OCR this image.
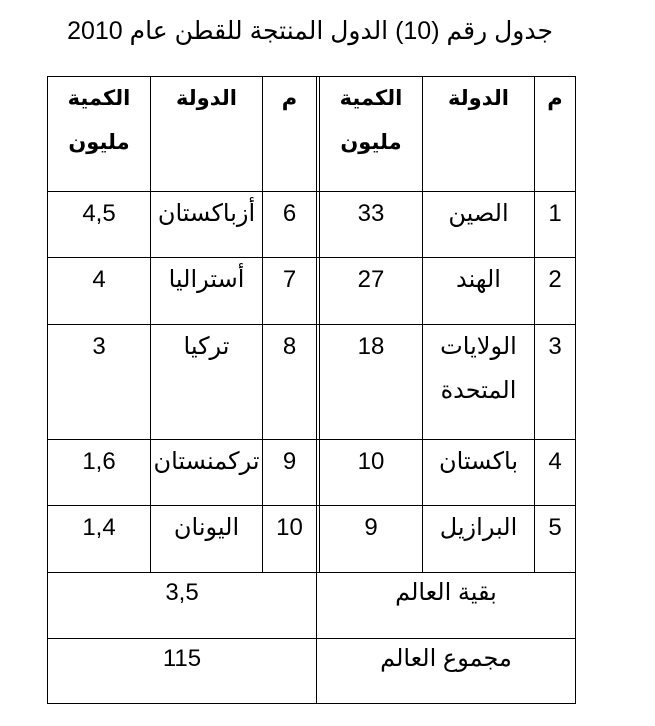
جدول رقم (10) الدول المنتجة للقطن عام 2010
م
الدولة
الكمية
مليون
م
الدولة
الكمية
مليون
1
الصين
33
2
الهند
27
3
الولايات
المتحدة
18
4
باكستان
10
5
البرازيل
9
6
أزباكستان
4,5
7
أستراليا
4
8
تركيا
3
9
تركمنستان
1,6
10
اليونان
1,4
بقية العالم
3,5
مجموع العالم
115
